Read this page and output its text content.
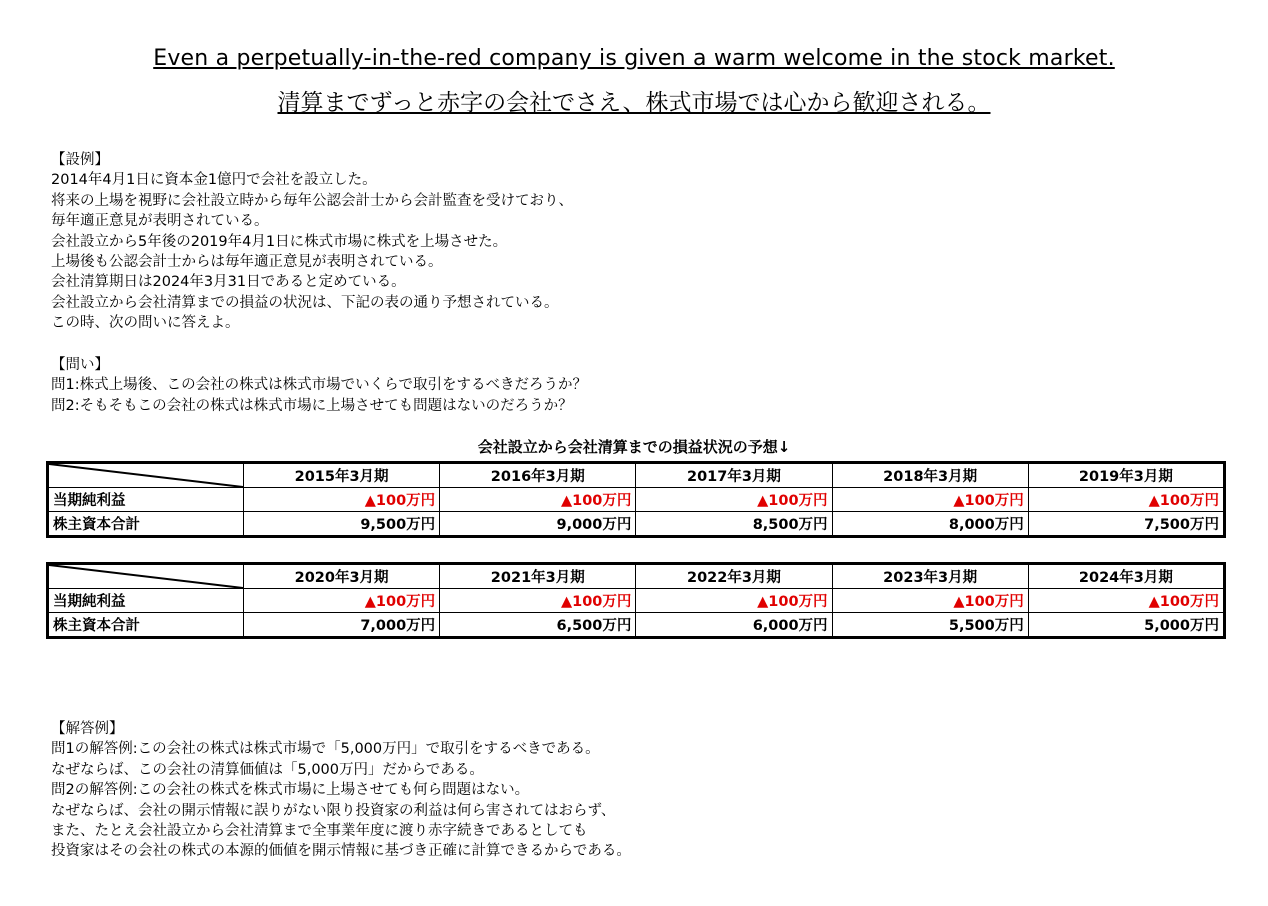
Even a perpetually-in-the-red company is given a warm welcome in the stock market.
清算までずっと赤字の会社でさえ、株式市場では心から歓迎される。
【設例】
2014年4月1日に資本金1億円で会社を設立した。
将来の上場を視野に会社設立時から毎年公認会計士から会計監査を受けており、
毎年適正意見が表明されている。
会社設立から5年後の2019年4月1日に株式市場に株式を上場させた。
上場後も公認会計士からは毎年適正意見が表明されている。
会社清算期日は2024年3月31日であると定めている。
会社設立から会社清算までの損益の状況は、下記の表の通り予想されている。
この時、次の問いに答えよ。
【問い】
問1:株式上場後、この会社の株式は株式市場でいくらで取引をするべきだろうか？
問2:そもそもこの会社の株式は株式市場に上場させても問題はないのだろうか？
会社設立から会社清算までの損益状況の予想↓
	2015年3月期	2016年3月期	2017年3月期	2018年3月期	2019年3月期
当期純利益	▲100万円	▲100万円	▲100万円	▲100万円	▲100万円
株主資本合計	9,500万円	9,000万円	8,500万円	8,000万円	7,500万円
	2020年3月期	2021年3月期	2022年3月期	2023年3月期	2024年3月期
当期純利益	▲100万円	▲100万円	▲100万円	▲100万円	▲100万円
株主資本合計	7,000万円	6,500万円	6,000万円	5,500万円	5,000万円
【解答例】
問1の解答例:この会社の株式は株式市場で「5,000万円」で取引をするべきである。
なぜならば、この会社の清算価値は「5,000万円」だからである。
問2の解答例:この会社の株式を株式市場に上場させても何ら問題はない。
なぜならば、会社の開示情報に誤りがない限り投資家の利益は何ら害されてはおらず、
また、たとえ会社設立から会社清算まで全事業年度に渡り赤字続きであるとしても
投資家はその会社の株式の本源的価値を開示情報に基づき正確に計算できるからである。
